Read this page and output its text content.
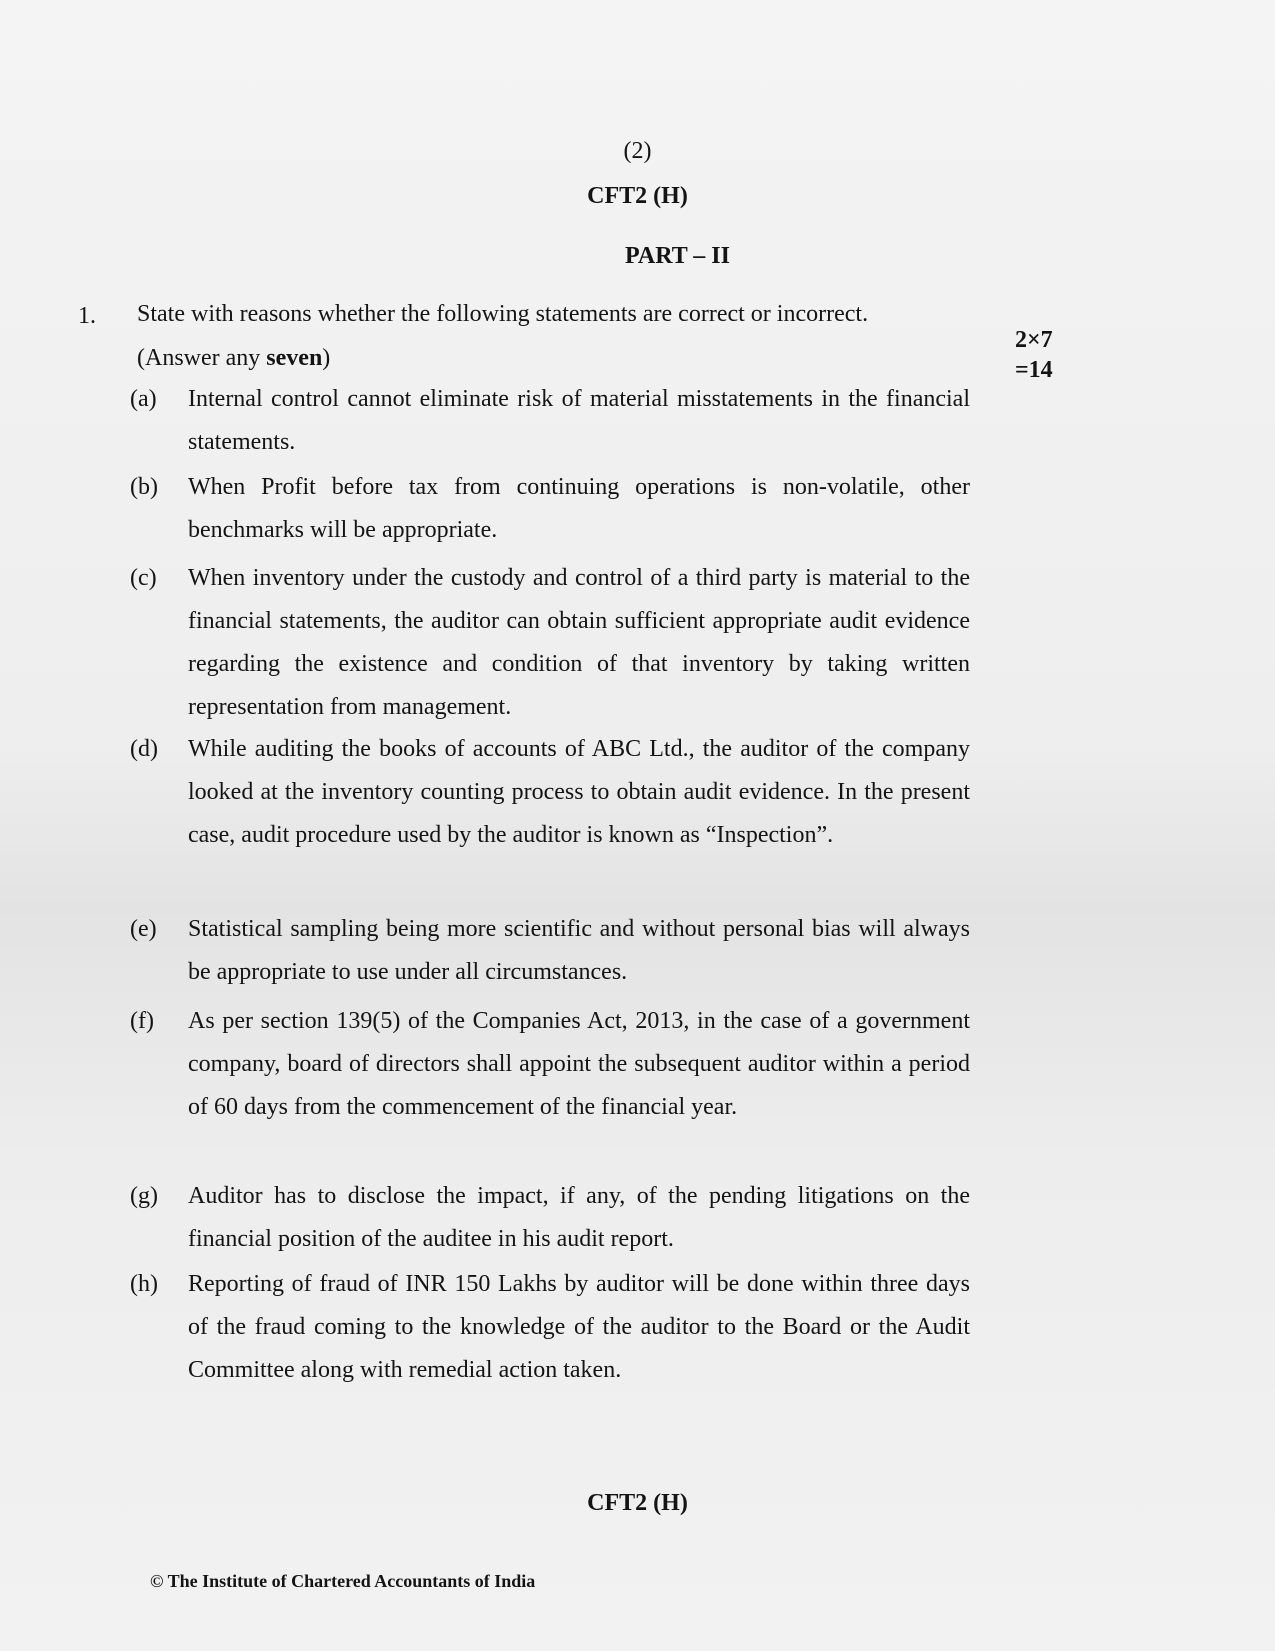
(2)
CFT2 (H)
PART – II
1. State with reasons whether the following statements are correct or incorrect.
(Answer any seven)
2×7
=14
(a)	Internal control cannot eliminate risk of material misstatements in the financial statements.
(b)	When Profit before tax from continuing operations is non-volatile, other benchmarks will be appropriate.
(c)	When inventory under the custody and control of a third party is material to the financial statements, the auditor can obtain sufficient appropriate audit evidence regarding the existence and condition of that inventory by taking written representation from management.
(d)	While auditing the books of accounts of ABC Ltd., the auditor of the company looked at the inventory counting process to obtain audit evidence. In the present case, audit procedure used by the auditor is known as “Inspection”.
(e)	Statistical sampling being more scientific and without personal bias will always be appropriate to use under all circumstances.
(f)	As per section 139(5) of the Companies Act, 2013, in the case of a government company, board of directors shall appoint the subsequent auditor within a period of 60 days from the commencement of the financial year.
(g)	Auditor has to disclose the impact, if any, of the pending litigations on the financial position of the auditee in his audit report.
(h)	Reporting of fraud of INR 150 Lakhs by auditor will be done within three days of the fraud coming to the knowledge of the auditor to the Board or the Audit Committee along with remedial action taken.
CFT2 (H)
© The Institute of Chartered Accountants of India
